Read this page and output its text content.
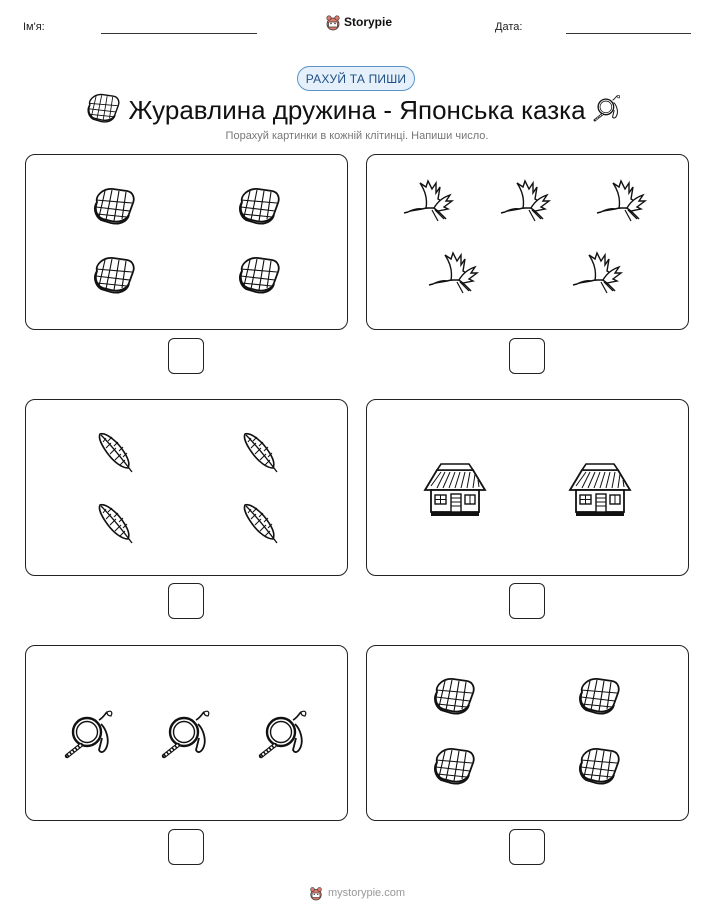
Ім'я:	Storypie	Дата:
РАХУЙ ТА ПИШИ
Журавлина дружина - Японська казка
Порахуй картинки в кожній клітинці. Напиши число.
mystorypie.com
